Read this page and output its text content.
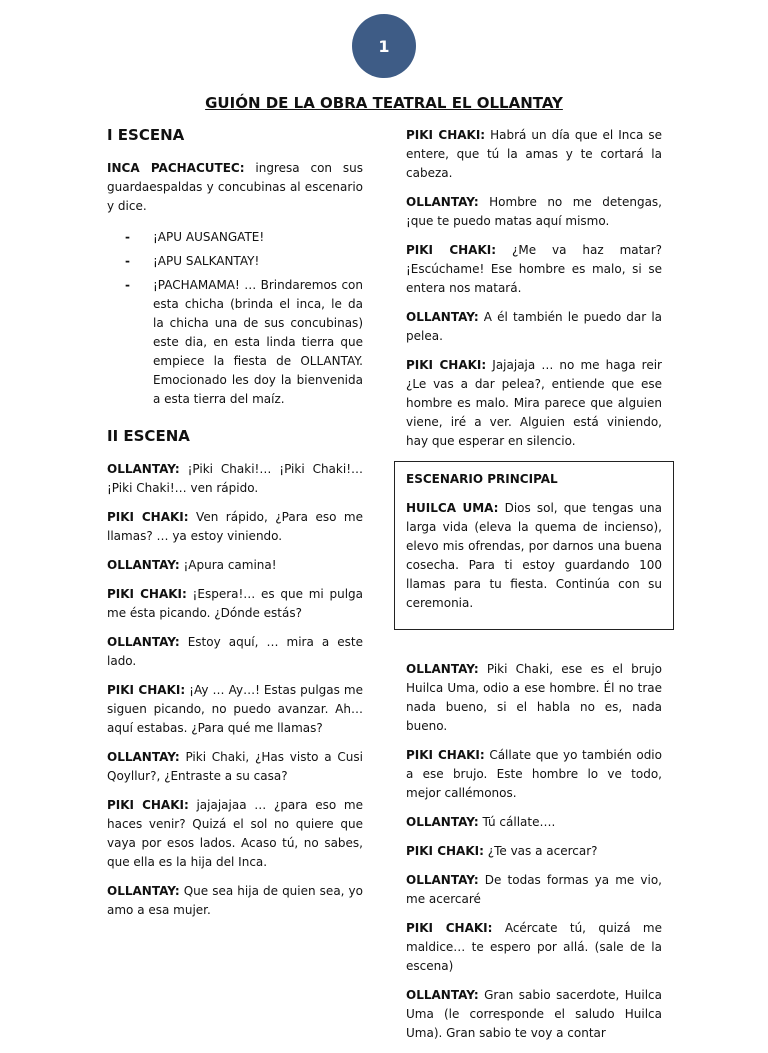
1
GUIÓN DE LA OBRA TEATRAL EL OLLANTAY
I ESCENA

INCA PACHACUTEC: ingresa con sus guardaespaldas y concubinas al escenario y dice.

- ¡APU AUSANGATE!
- ¡APU SALKANTAY!
- ¡PACHAMAMA! … Brindaremos con esta chicha (brinda el inca, le da la chicha una de sus concubinas) este dia, en esta linda tierra que empiece la fiesta de OLLANTAY. Emocionado les doy la bienvenida a esta tierra del maíz.
II ESCENA

OLLANTAY: ¡Piki Chaki!… ¡Piki Chaki!… ¡Piki Chaki!… ven rápido.

PIKI CHAKI: Ven rápido, ¿Para eso me llamas? … ya estoy viniendo.

OLLANTAY: ¡Apura camina!

PIKI CHAKI: ¡Espera!… es que mi pulga me ésta picando. ¿Dónde estás?

OLLANTAY: Estoy aquí, … mira a este lado.

PIKI CHAKI: ¡Ay … Ay…! Estas pulgas me siguen picando, no puedo avanzar. Ah… aquí estabas. ¿Para qué me llamas?

OLLANTAY: Piki Chaki, ¿Has visto a Cusi Qoyllur?, ¿Entraste a su casa?

PIKI CHAKI: jajajajaa … ¿para eso me haces venir? Quizá el sol no quiere que vaya por esos lados. Acaso tú, no sabes, que ella es la hija del Inca.

OLLANTAY: Que sea hija de quien sea, yo amo a esa mujer.

PIKI CHAKI: Habrá un día que el Inca se entere, que tú la amas y te cortará la cabeza.

OLLANTAY: Hombre no me detengas, ¡que te puedo matas aquí mismo.

PIKI CHAKI: ¿Me va haz matar? ¡Escúchame! Ese hombre es malo, si se entera nos matará.

OLLANTAY: A él también le puedo dar la pelea.

PIKI CHAKI: Jajajaja … no me haga reir ¿Le vas a dar pelea?, entiende que ese hombre es malo. Mira parece que alguien viene, iré a ver. Alguien está viniendo, hay que esperar en silencio.

ESCENARIO PRINCIPAL

HUILCA UMA: Dios sol, que tengas una larga vida (eleva la quema de incienso), elevo mis ofrendas, por darnos una buena cosecha. Para ti estoy guardando 100 llamas para tu fiesta. Continúa con su ceremonia.

OLLANTAY: Piki Chaki, ese es el brujo Huilca Uma, odio a ese hombre. Él no trae nada bueno, si el habla no es, nada bueno.

PIKI CHAKI: Cállate que yo también odio a ese brujo. Este hombre lo ve todo, mejor callémonos.

OLLANTAY: Tú cállate….

PIKI CHAKI: ¿Te vas a acercar?

OLLANTAY: De todas formas ya me vio, me acercaré

PIKI CHAKI: Acércate tú, quizá me maldice… te espero por allá. (sale de la escena)

OLLANTAY: Gran sabio sacerdote, Huilca Uma (le corresponde el saludo Huilca Uma). Gran sabio te voy a contar
